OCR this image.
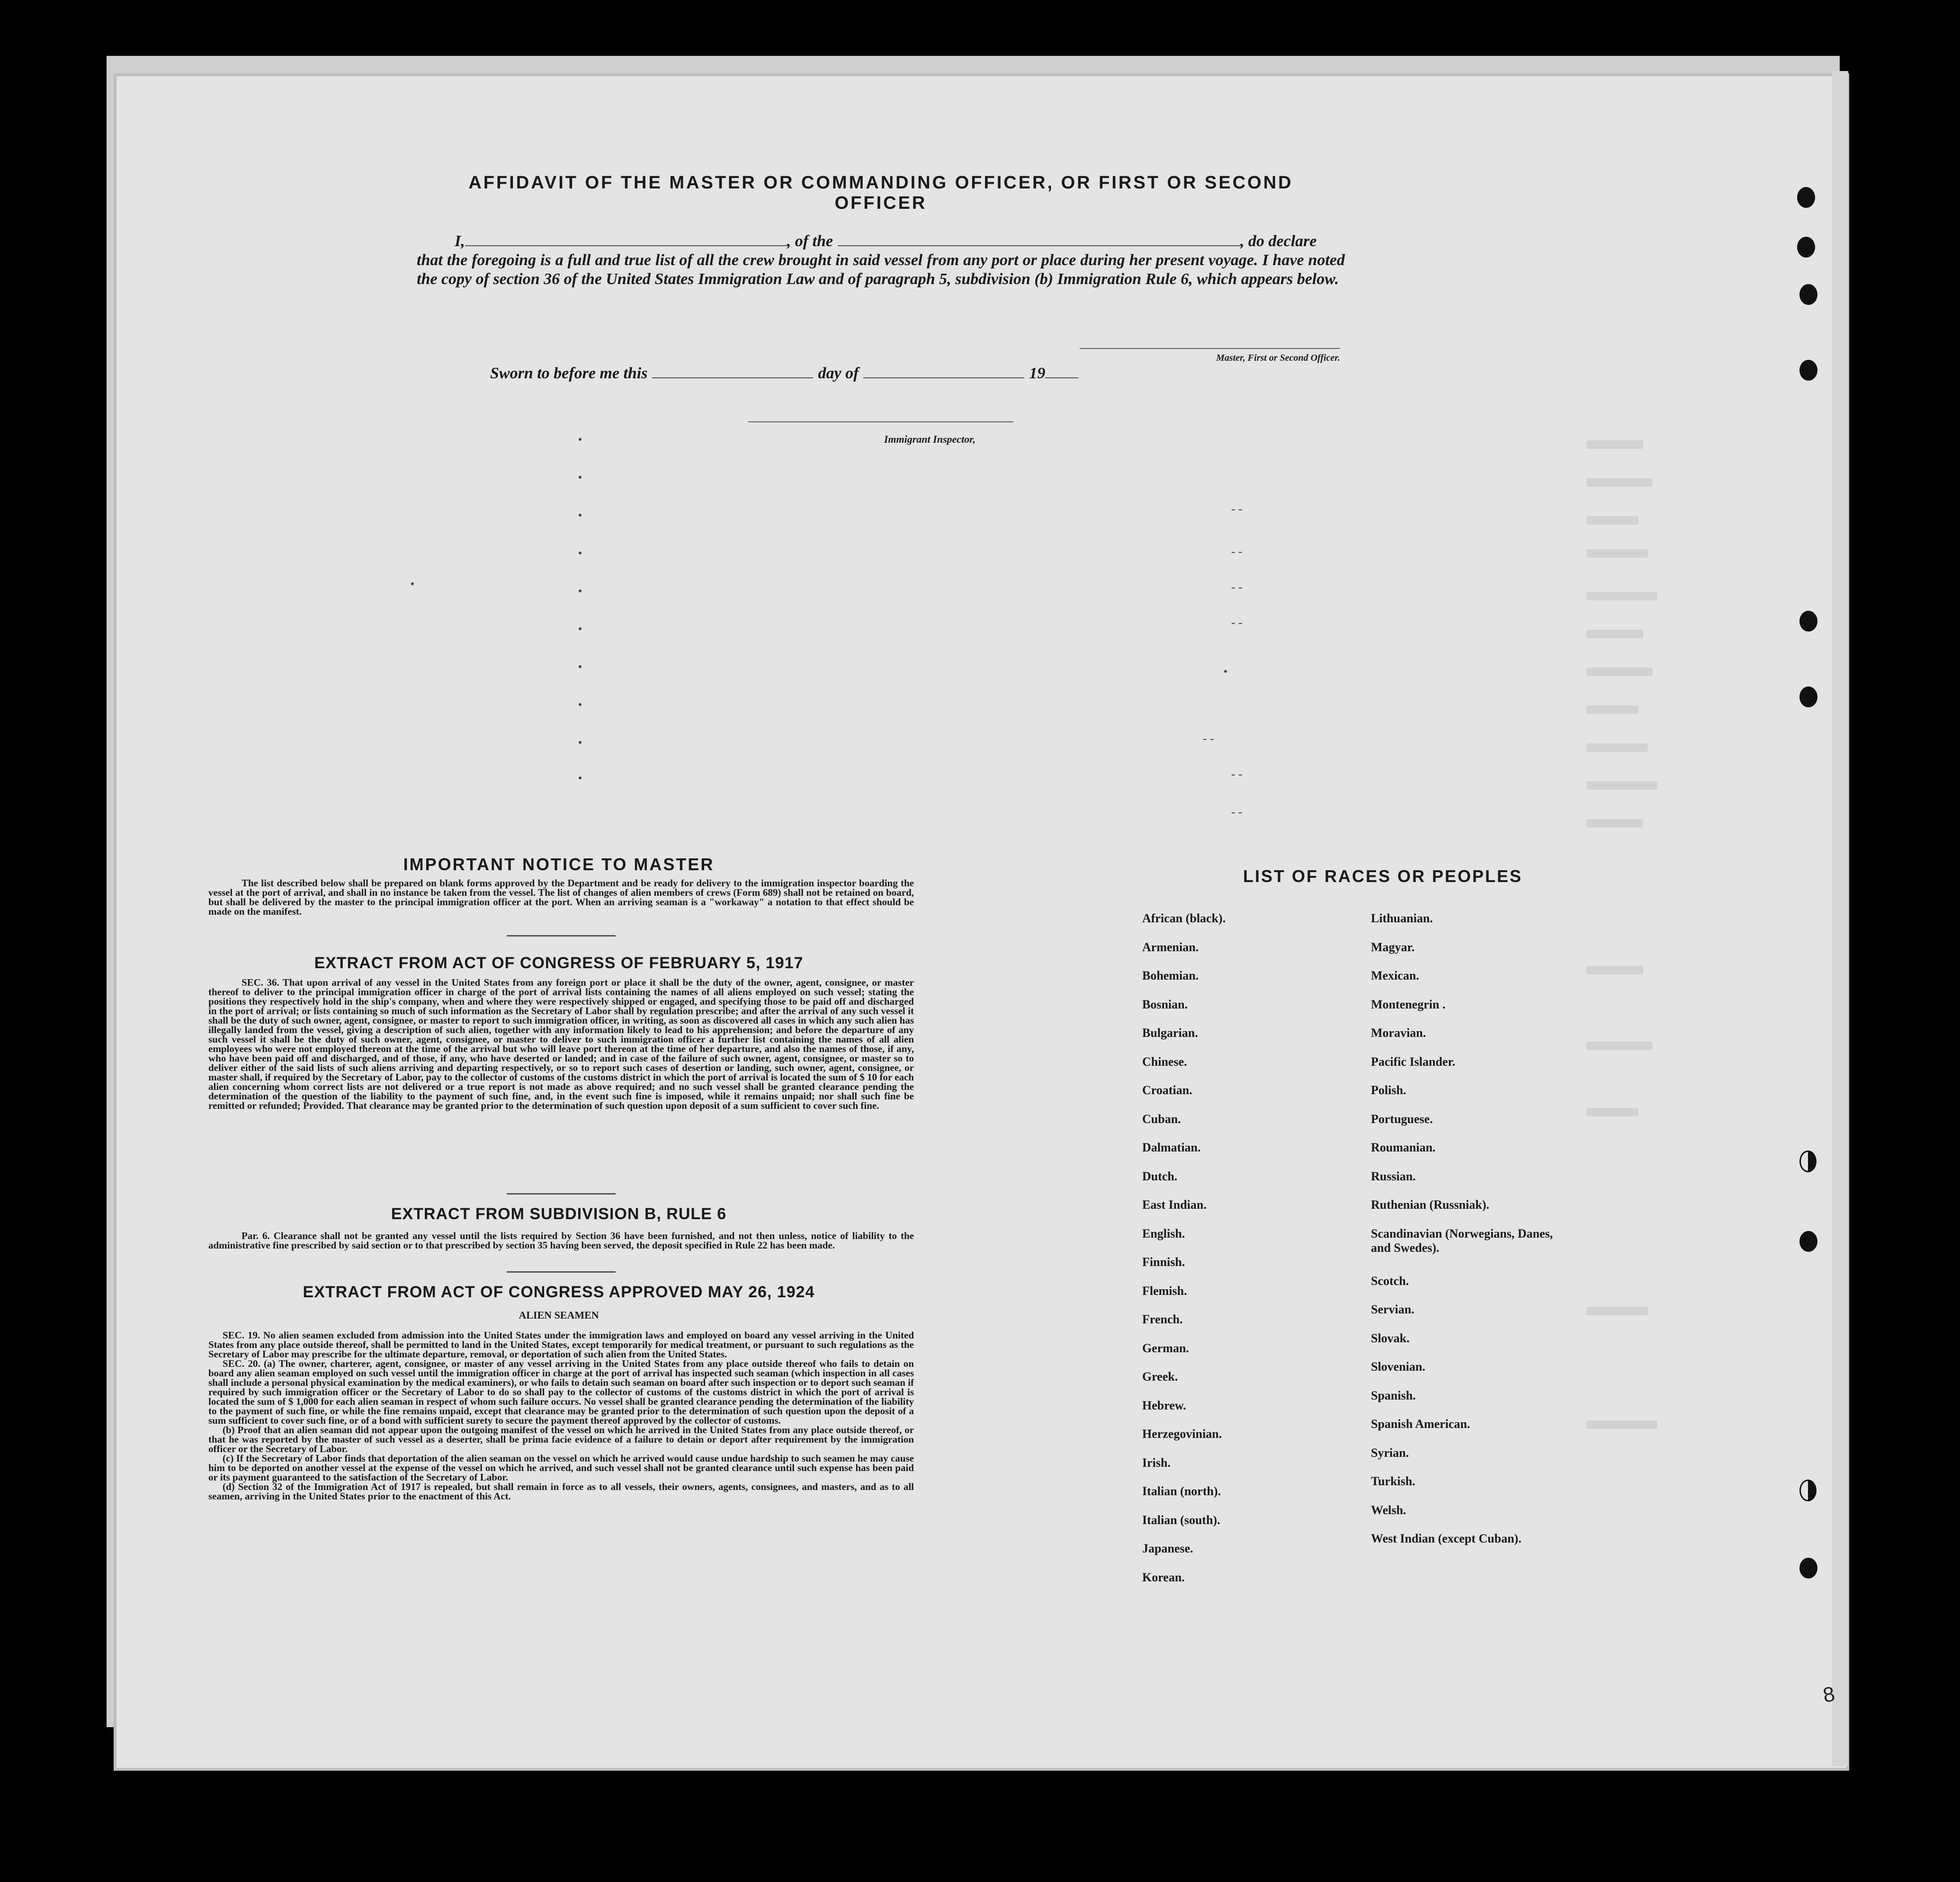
- -
- -
- -
- -
- -
- -
- -
AFFIDAVIT OF THE MASTER OR COMMANDING OFFICER, OR FIRST OR SECOND OFFICER
I,	, of the	, do declare
that the foregoing is a full and true list of all the crew brought in said vessel from any port or place during her present voyage. I have noted the copy of section 36 of the United States Immigration Law and of paragraph 5, subdivision (b) Immigration Rule 6, which appears below.
Master, First or Second Officer.
Sworn to before me this	day of	19
Immigrant Inspector,
IMPORTANT NOTICE TO MASTER
The list described below shall be prepared on blank forms approved by the Department and be ready for delivery to the immigration inspector boarding the vessel at the port of arrival, and shall in no instance be taken from the vessel. The list of changes of alien members of crews (Form 689) shall not be retained on board, but shall be delivered by the master to the principal immigration officer at the port. When an arriving seaman is a "workaway" a notation to that effect should be made on the manifest.
EXTRACT FROM ACT OF CONGRESS OF FEBRUARY 5, 1917
SEC. 36. That upon arrival of any vessel in the United States from any foreign port or place it shall be the duty of the owner, agent, consignee, or master thereof to deliver to the principal immigration officer in charge of the port of arrival lists containing the names of all aliens employed on such vessel; stating the positions they respectively hold in the ship's company, when and where they were respectively shipped or engaged, and specifying those to be paid off and discharged in the port of arrival; or lists containing so much of such information as the Secretary of Labor shall by regulation prescribe; and after the arrival of any such vessel it shall be the duty of such owner, agent, consignee, or master to report to such immigration officer, in writing, as soon as discovered all cases in which any such alien has illegally landed from the vessel, giving a description of such alien, together with any information likely to lead to his apprehension; and before the departure of any such vessel it shall be the duty of such owner, agent, consignee, or master to deliver to such immigration officer a further list containing the names of all alien employees who were not employed thereon at the time of the arrival but who will leave port thereon at the time of her departure, and also the names of those, if any, who have been paid off and discharged, and of those, if any, who have deserted or landed; and in case of the failure of such owner, agent, consignee, or master so to deliver either of the said lists of such aliens arriving and departing respectively, or so to report such cases of desertion or landing, such owner, agent, consignee, or master shall, if required by the Secretary of Labor, pay to the collector of customs of the customs district in which the port of arrival is located the sum of $ 10 for each alien concerning whom correct lists are not delivered or a true report is not made as above required; and no such vessel shall be granted clearance pending the determination of the question of the liability to the payment of such fine, and, in the event such fine is imposed, while it remains unpaid; nor shall such fine be remitted or refunded; Provided. That clearance may be granted prior to the determination of such question upon deposit of a sum sufficient to cover such fine.
EXTRACT FROM SUBDIVISION B, RULE 6
Par. 6. Clearance shall not be granted any vessel until the lists required by Section 36 have been furnished, and not then unless, notice of liability to the administrative fine prescribed by said section or to that prescribed by section 35 having been served, the deposit specified in Rule 22 has been made.
EXTRACT FROM ACT OF CONGRESS APPROVED MAY 26, 1924
ALIEN SEAMEN

SEC. 19. No alien seamen excluded from admission into the United States under the immigration laws and employed on board any vessel arriving in the United States from any place outside thereof, shall be permitted to land in the United States, except temporarily for medical treatment, or pursuant to such regulations as the Secretary of Labor may prescribe for the ultimate departure, removal, or deportation of such alien from the United States.

SEC. 20. (a) The owner, charterer, agent, consignee, or master of any vessel arriving in the United States from any place outside thereof who fails to detain on board any alien seaman employed on such vessel until the immigration officer in charge at the port of arrival has inspected such seaman (which inspection in all cases shall include a personal physical examination by the medical examiners), or who fails to detain such seaman on board after such inspection or to deport such seaman if required by such immigration officer or the Secretary of Labor to do so shall pay to the collector of customs of the customs district in which the port of arrival is located the sum of $ 1,000 for each alien seaman in respect of whom such failure occurs. No vessel shall be granted clearance pending the determination of the liability to the payment of such fine, or while the fine remains unpaid, except that clearance may be granted prior to the determination of such question upon the deposit of a sum sufficient to cover such fine, or of a bond with sufficient surety to secure the payment thereof approved by the collector of customs.

(b) Proof that an alien seaman did not appear upon the outgoing manifest of the vessel on which he arrived in the United States from any place outside thereof, or that he was reported by the master of such vessel as a deserter, shall be prima facie evidence of a failure to detain or deport after requirement by the immigration officer or the Secretary of Labor.

(c) If the Secretary of Labor finds that deportation of the alien seaman on the vessel on which he arrived would cause undue hardship to such seamen he may cause him to be deported on another vessel at the expense of the vessel on which he arrived, and such vessel shall not be granted clearance until such expense has been paid or its payment guaranteed to the satisfaction of the Secretary of Labor.

(d) Section 32 of the Immigration Act of 1917 is repealed, but shall remain in force as to all vessels, their owners, agents, consignees, and masters, and as to all seamen, arriving in the United States prior to the enactment of this Act.

LIST OF RACES OR PEOPLES
African (black).
Armenian.
Bohemian.
Bosnian.
Bulgarian.
Chinese.
Croatian.
Cuban.
Dalmatian.
Dutch.
East Indian.
English.
Finnish.
Flemish.
French.
German.
Greek.
Hebrew.
Herzegovinian.
Irish.
Italian (north).
Italian (south).
Japanese.
Korean.
Lithuanian.
Magyar.
Mexican.
Montenegrin .
Moravian.
Pacific Islander.
Polish.
Portuguese.
Roumanian.
Russian.
Ruthenian (Russniak).
Scandinavian (Norwegians, Danes, and Swedes).
Scotch.
Servian.
Slovak.
Slovenian.
Spanish.
Spanish American.
Syrian.
Turkish.
Welsh.
West Indian (except Cuban).
8
